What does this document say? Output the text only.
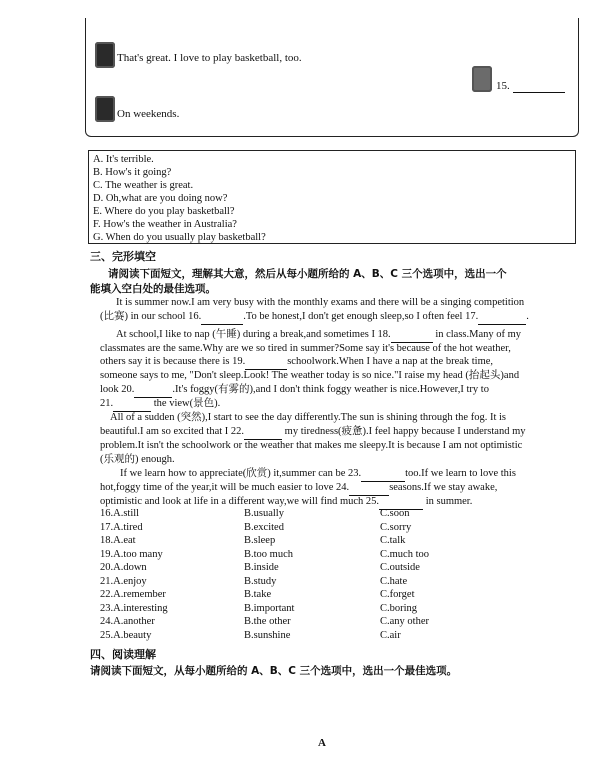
That's great. I love to play basketball, too.
15.
On weekends.
A. It's terrible.
B. How's it going?
C. The weather is great.
D. Oh,what are you doing now?
E. Where do you play basketball?
F. How's the weather in Australia?
G. When do you usually play basketball?
三、完形填空
请阅读下面短文，理解其大意，然后从每小题所给的 A、B、C 三个选项中，选出一个
能填入空白处的最佳选项。
It is summer now.I am very busy with the monthly exams and there will be a singing competition
(比赛) in our school 16.	.To be honest,I don't get enough sleep,so I often feel 17.	.
At school,I like to nap (午睡) during a break,and sometimes I 18.	in class.Many of my
classmates are the same.Why are we so tired in summer?Some say it's because of the hot weather,
others say it is because there is 19.	schoolwork.When I have a nap at the break time,
someone says to me, "Don't sleep.Look! The weather today is so nice."I raise my head (抬起头)and
look 20.	.It's foggy(有雾的),and I don't think foggy weather is nice.However,I try to
21.	the view(景色).
All of a sudden (突然),I start to see the day differently.The sun is shining through the fog. It is
beautiful.I am so excited that I 22.	my tiredness(疲惫).I feel happy because I understand my
problem.It isn't the schoolwork or the weather that makes me sleepy.It is because I am not optimistic
(乐观的) enough.
If we learn how to appreciate(欣赏) it,summer can be 23.	too.If we learn to love this
hot,foggy time of the year,it will be much easier to love 24.	seasons.If we stay awake,
optimistic and look at life in a different way,we will find much 25.	in summer.
16.A.still	B.usually	C.soon
17.A.tired	B.excited	C.sorry
18.A.eat	B.sleep	C.talk
19.A.too many	B.too much	C.much too
20.A.down	B.inside	C.outside
21.A.enjoy	B.study	C.hate
22.A.remember	B.take	C.forget
23.A.interesting	B.important	C.boring
24.A.another	B.the other	C.any other
25.A.beauty	B.sunshine	C.air
四、阅读理解
请阅读下面短文，从每小题所给的 A、B、C 三个选项中，选出一个最佳选项。
A
